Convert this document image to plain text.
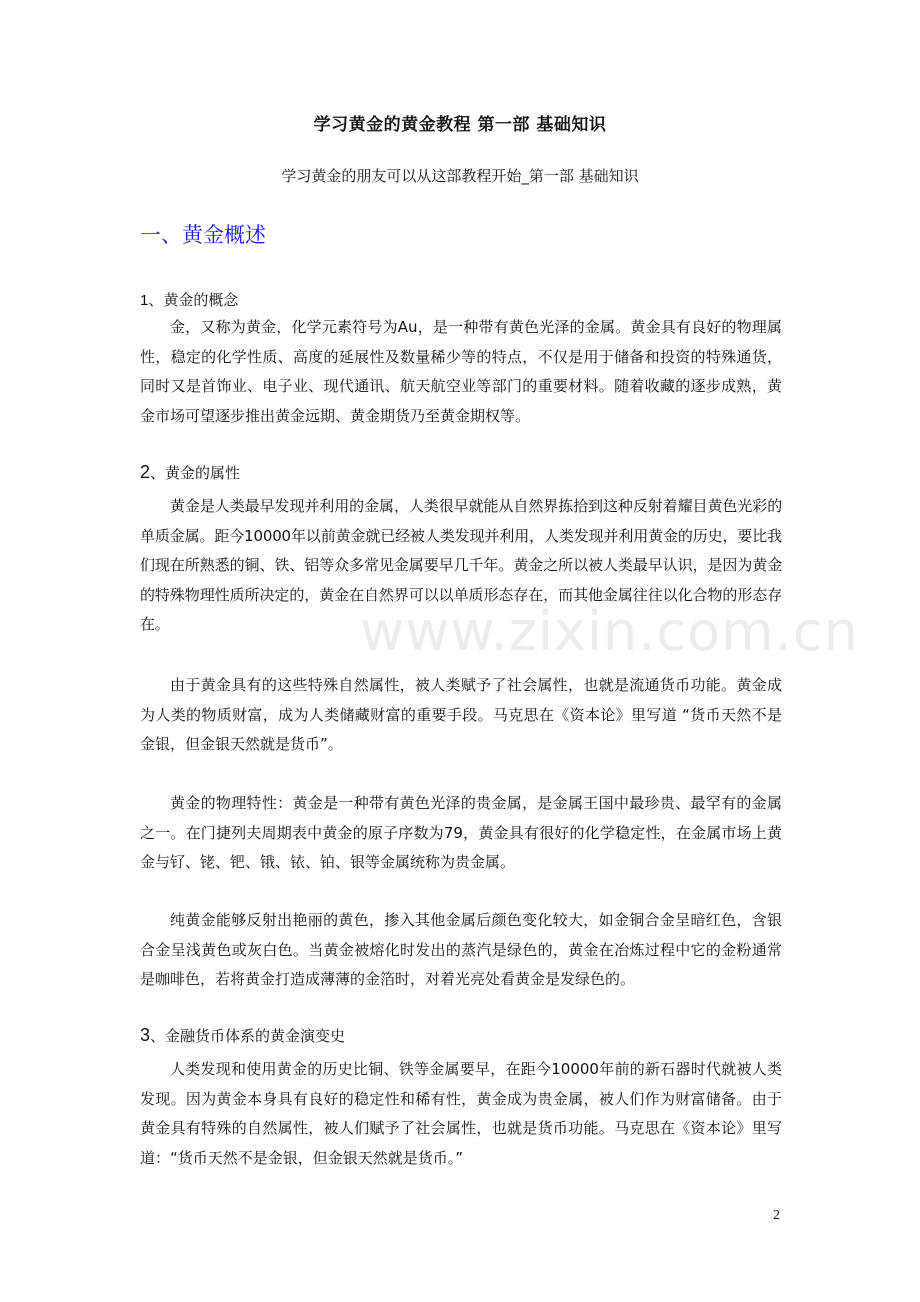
学习黄金的黄金教程 第一部 基础知识
学习黄金的朋友可以从这部教程开始_第一部 基础知识
一、黄金概述
1、黄金的概念
金，又称为黄金，化学元素符号为Au，是一种带有黄色光泽的金属。黄金具有良好的物理属性，稳定的化学性质、高度的延展性及数量稀少等的特点，不仅是用于储备和投资的特殊通货，同时又是首饰业、电子业、现代通讯、航天航空业等部门的重要材料。随着收藏的逐步成熟，黄金市场可望逐步推出黄金远期、黄金期货乃至黄金期权等。
2、黄金的属性
黄金是人类最早发现并利用的金属，人类很早就能从自然界拣拾到这种反射着耀目黄色光彩的单质金属。距今10000年以前黄金就已经被人类发现并利用，人类发现并利用黄金的历史，要比我们现在所熟悉的铜、铁、铝等众多常见金属要早几千年。黄金之所以被人类最早认识，是因为黄金的特殊物理性质所决定的，黄金在自然界可以以单质形态存在，而其他金属往往以化合物的形态存在。
由于黄金具有的这些特殊自然属性，被人类赋予了社会属性，也就是流通货币功能。黄金成为人类的物质财富，成为人类储藏财富的重要手段。马克思在《资本论》里写道 “货币天然不是金银，但金银天然就是货币”。
黄金的物理特性：黄金是一种带有黄色光泽的贵金属，是金属王国中最珍贵、最罕有的金属之一。在门捷列夫周期表中黄金的原子序数为79，黄金具有很好的化学稳定性，在金属市场上黄金与钌、铑、钯、锇、铱、铂、银等金属统称为贵金属。
纯黄金能够反射出艳丽的黄色，掺入其他金属后颜色变化较大，如金铜合金呈暗红色，含银合金呈浅黄色或灰白色。当黄金被熔化时发出的蒸汽是绿色的，黄金在冶炼过程中它的金粉通常是咖啡色，若将黄金打造成薄薄的金箔时，对着光亮处看黄金是发绿色的。
3、金融货币体系的黄金演变史
人类发现和使用黄金的历史比铜、铁等金属要早，在距今10000年前的新石器时代就被人类发现。因为黄金本身具有良好的稳定性和稀有性，黄金成为贵金属，被人们作为财富储备。由于黄金具有特殊的自然属性，被人们赋予了社会属性，也就是货币功能。马克思在《资本论》里写道：“货币天然不是金银，但金银天然就是货币。”
www.zixin.com.cn
2
